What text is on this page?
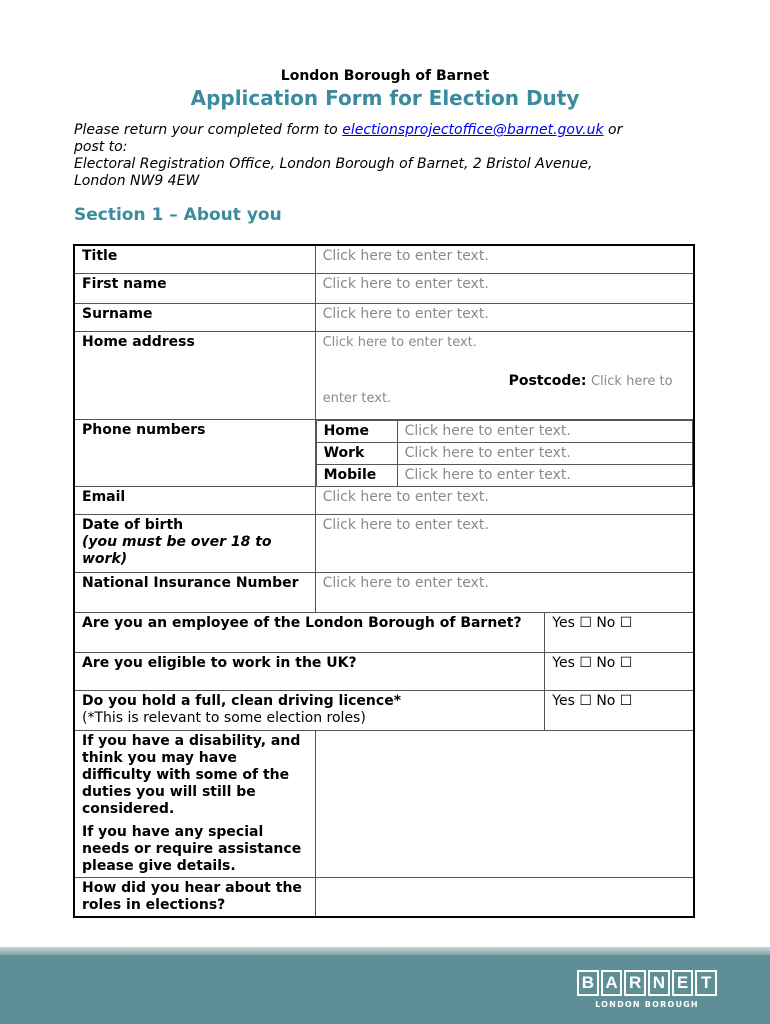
London Borough of Barnet
Application Form for Election Duty
Please return your completed form to electionsprojectoffice@barnet.gov.uk or
post to:
Electoral Registration Office, London Borough of Barnet, 2 Bristol Avenue,
London NW9 4EW
Section 1 – About you
Title	Click here to enter text.
First name	Click here to enter text.
Surname	Click here to enter text.
Home address	Click here to enter text.
Postcode: Click here to
enter text.

Phone numbers		Home	Click here to enter text.
Work	Click here to enter text.
Mobile	Click here to enter text.

Email	Click here to enter text.

Date of birth
(you must be over 18 to work)
	Click here to enter text.
National Insurance Number	Click here to enter text.
Are you an employee of the London Borough of Barnet?	Yes ☐ No ☐
Are you eligible to work in the UK?	Yes ☐ No ☐

Do you hold a full, clean driving licence*
(*This is relevant to some election roles)
	Yes ☐ No ☐

If you have a disability, and think you may have difficulty with some of the duties you will still be considered.
If you have any special needs or require assistance please give details.

How did you hear about the roles in elections?	
B A R N E T
LONDON BOROUGH
